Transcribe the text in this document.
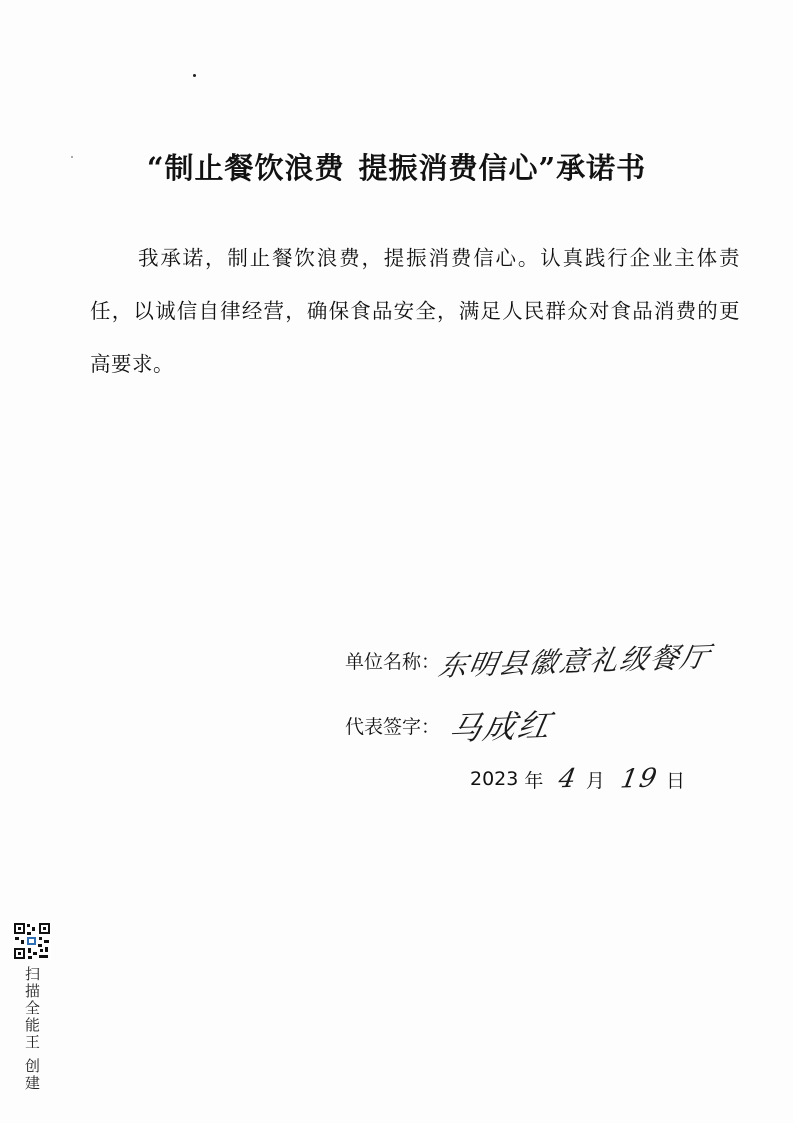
“制止餐饮浪费 提振消费信心”承诺书
我承诺，制止餐饮浪费，提振消费信心。认真践行企业主体责任，以诚信自律经营，确保食品安全，满足人民群众对食品消费的更高要求。
单位名称：
东明县徽意礼级餐厅
代表签字： 马成红
2023 年 4 月 19 日
扫描全能王 创建
